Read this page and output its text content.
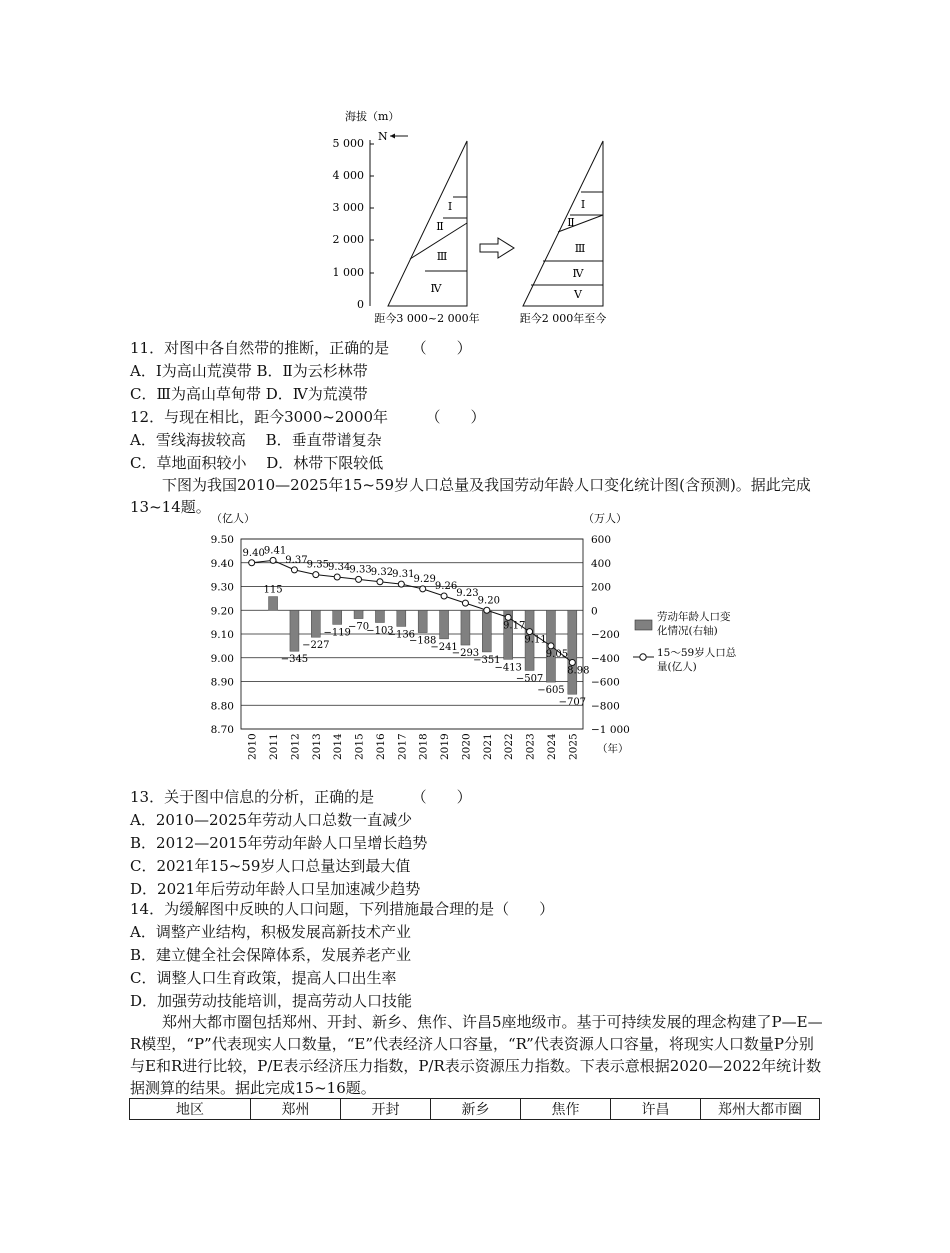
海拔（m）
N
5 000
4 000
3 000
2 000
1 000
0
Ⅰ
Ⅱ
Ⅲ
Ⅳ
Ⅰ
Ⅱ
Ⅲ
Ⅳ
Ⅴ
距今3 000~2 000年	距今2 000年至今
11．对图中各自然带的推断，正确的是　　（　　）
A．Ⅰ为高山荒漠带 B．Ⅱ为云杉林带
C．Ⅲ为高山草甸带 D．Ⅳ为荒漠带
12．与现在相比，距今3000~2000年　　　（　　）
A．雪线海拔较高　 B．垂直带谱复杂
C．草地面积较小　 D．林带下限较低
下图为我国2010—2025年15~59岁人口总量及我国劳动年龄人口变化统计图(含预测)。据此完成13~14题。
（亿人）	（万人）
115
−345
−227
−119
−70
−103
−136
−188
−241
−293
−351
−413
−507
−605
−707
9.40 9.41
9.37 9.35 9.34 9.33 9.32 9.31 9.29
9.26
9.23
9.20
9.17
9.11
9.05
8.98
9.50	600
9.40	400
9.30	200
9.20	0
9.10	−200
9.00	−400
8.90	−600
8.80	−800
8.70	−1 000
2010 2011 2012 2013 2014 2015 2016 2017 2018 2019 2020 2021 2022 2023 2024 2025
劳动年龄人口变
化情况(右轴)
15～59岁人口总
量(亿人)
（年）
13．关于图中信息的分析，正确的是　　　（　　）
A．2010—2025年劳动人口总数一直减少
B．2012—2015年劳动年龄人口呈增长趋势
C．2021年15~59岁人口总量达到最大值
D．2021年后劳动年龄人口呈加速减少趋势
14．为缓解图中反映的人口问题，下列措施最合理的是（　　）
A．调整产业结构，积极发展高新技术产业
B．建立健全社会保障体系，发展养老产业
C．调整人口生育政策，提高人口出生率
D．加强劳动技能培训，提高劳动人口技能
郑州大都市圈包括郑州、开封、新乡、焦作、许昌5座地级市。基于可持续发展的理念构建了P—E—R模型，“P”代表现实人口数量，“E”代表经济人口容量，“R”代表资源人口容量，将现实人口数量P分别与E和R进行比较，P/E表示经济压力指数，P/R表示资源压力指数。下表示意根据2020—2022年统计数据测算的结果。据此完成15~16题。
地区	郑州	开封	新乡	焦作	许昌	郑州大都市圈
